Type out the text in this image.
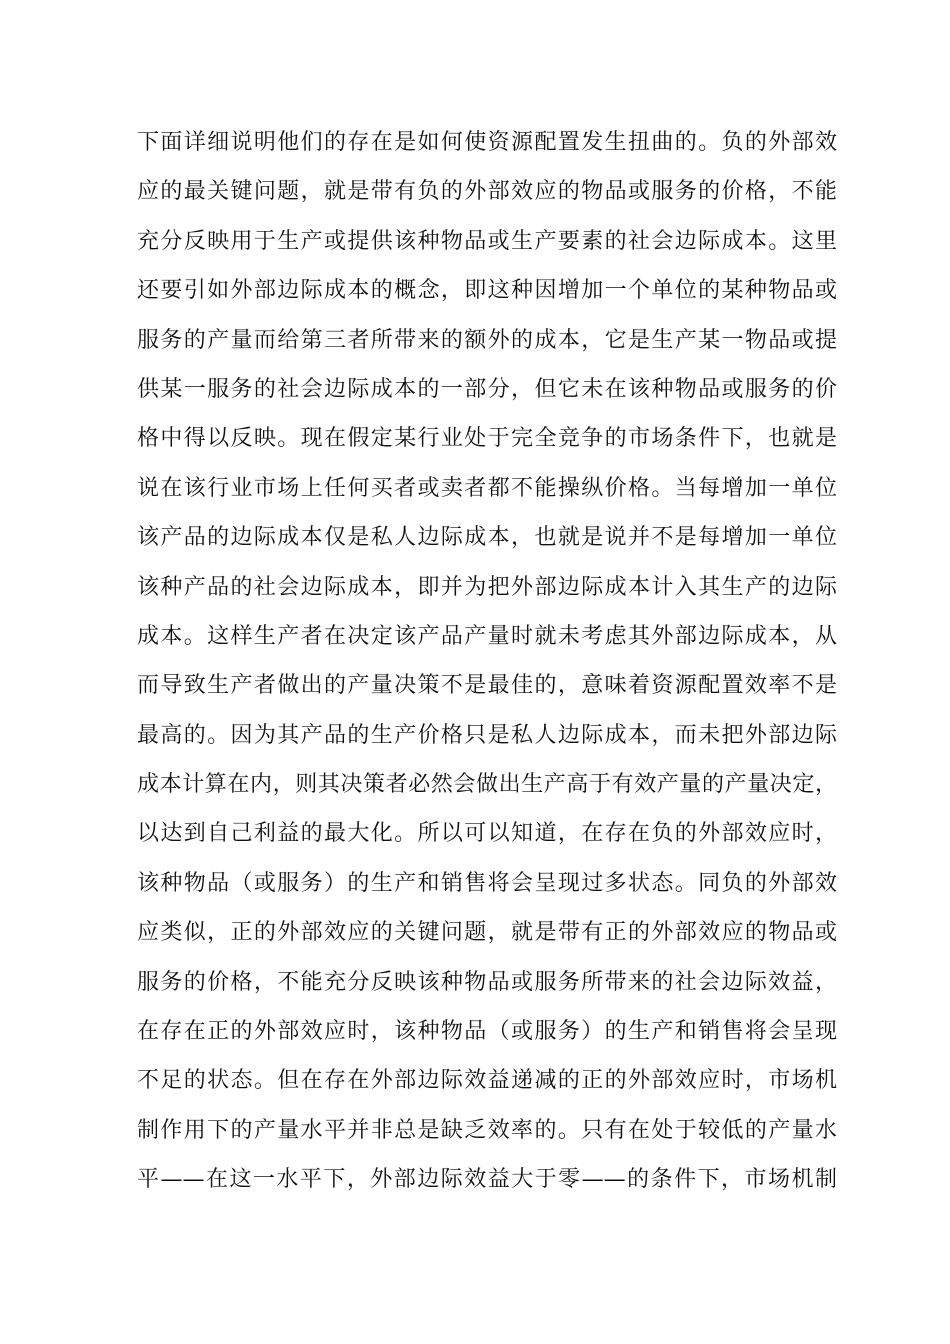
下面详细说明他们的存在是如何使资源配置发生扭曲的。负的外部效
应的最关键问题，就是带有负的外部效应的物品或服务的价格，不能
充分反映用于生产或提供该种物品或生产要素的社会边际成本。这里
还要引如外部边际成本的概念，即这种因增加一个单位的某种物品或
服务的产量而给第三者所带来的额外的成本，它是生产某一物品或提
供某一服务的社会边际成本的一部分，但它未在该种物品或服务的价
格中得以反映。现在假定某行业处于完全竞争的市场条件下，也就是
说在该行业市场上任何买者或卖者都不能操纵价格。当每增加一单位
该产品的边际成本仅是私人边际成本，也就是说并不是每增加一单位
该种产品的社会边际成本，即并为把外部边际成本计入其生产的边际
成本。这样生产者在决定该产品产量时就未考虑其外部边际成本，从
而导致生产者做出的产量决策不是最佳的，意味着资源配置效率不是
最高的。因为其产品的生产价格只是私人边际成本，而未把外部边际
成本计算在内，则其决策者必然会做出生产高于有效产量的产量决定，
以达到自己利益的最大化。所以可以知道，在存在负的外部效应时，
该种物品（或服务）的生产和销售将会呈现过多状态。同负的外部效
应类似，正的外部效应的关键问题，就是带有正的外部效应的物品或
服务的价格，不能充分反映该种物品或服务所带来的社会边际效益，
在存在正的外部效应时，该种物品（或服务）的生产和销售将会呈现
不足的状态。但在存在外部边际效益递减的正的外部效应时，市场机
制作用下的产量水平并非总是缺乏效率的。只有在处于较低的产量水
平——在这一水平下，外部边际效益大于零——的条件下，市场机制
